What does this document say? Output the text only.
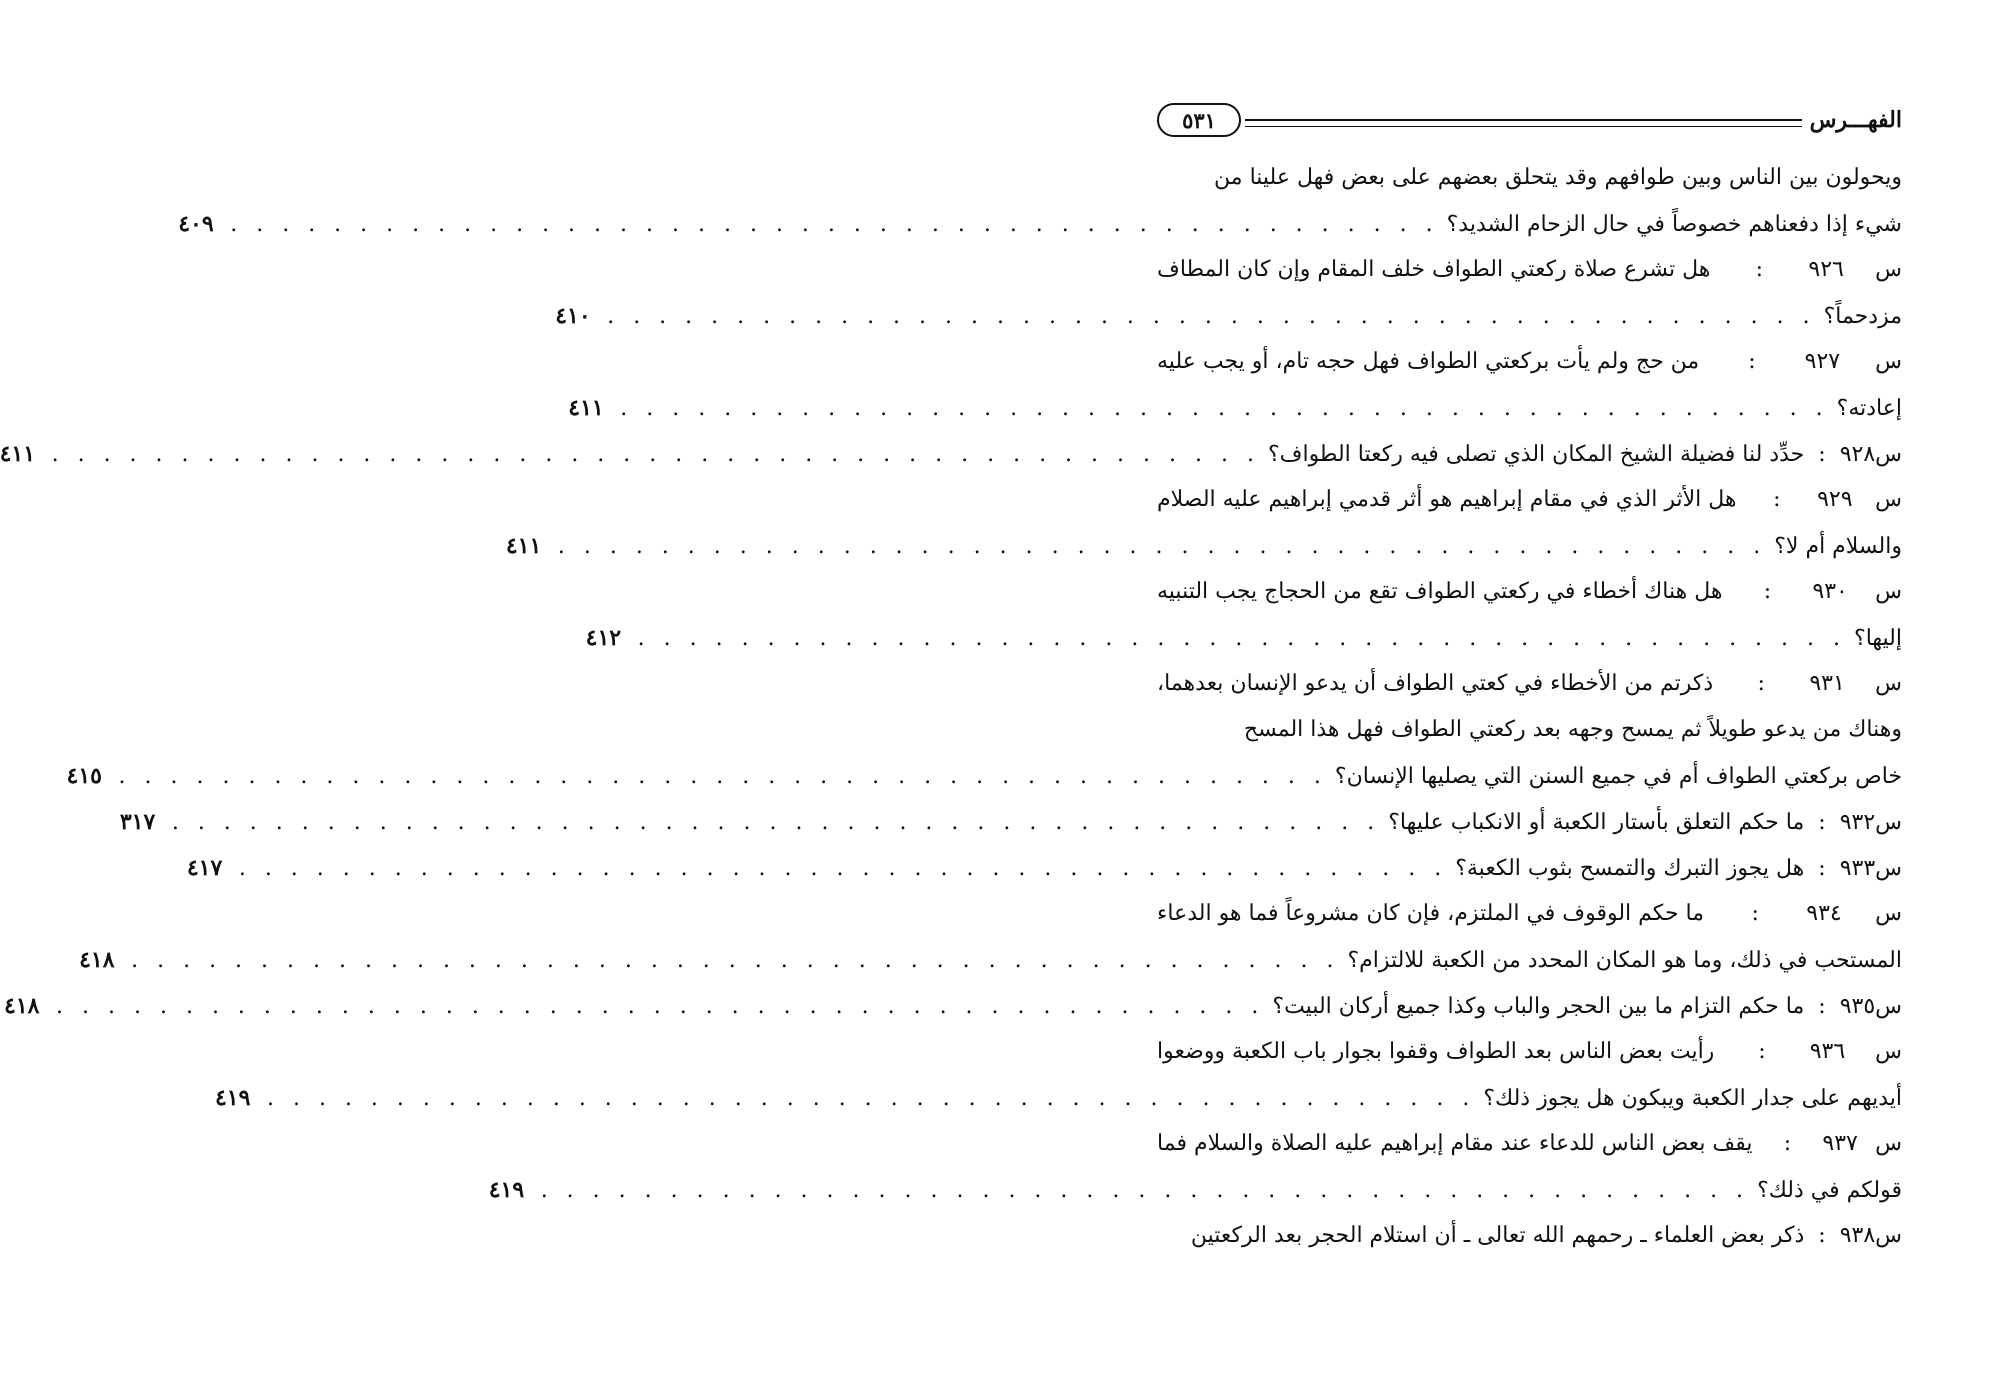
الفهـــرس
٥٣١
ويحولون بين الناس وبين طوافهم وقد يتحلق بعضهم على بعض فهل علينا من
شيء إذا دفعناهم خصوصاً في حال الزحام الشديد؟
. . . . . . . . . . . . . . . . . . . . . . . . . . . . . . . . . . . . . . . . . . . . . . .
٤٠٩
س
٩٢٦
:
هل تشرع صلاة ركعتي الطواف خلف المقام وإن كان المطاف
مزدحماً؟
. . . . . . . . . . . . . . . . . . . . . . . . . . . . . . . . . . . . . . . . . . . . . . .
٤١٠
س
٩٢٧
:
من حج ولم يأت بركعتي الطواف فهل حجه تام، أو يجب عليه
إعادته؟
. . . . . . . . . . . . . . . . . . . . . . . . . . . . . . . . . . . . . . . . . . . . . . .
٤١١
س
٩٢٨
:
حدِّد لنا فضيلة الشيخ المكان الذي تصلى فيه ركعتا الطواف؟
. . . . . . . . . . . . . . . . . . . . . . . . . . . . . . . . . . . . . . . . . . . . . . .
٤١١
س
٩٢٩
:
هل الأثر الذي في مقام إبراهيم هو أثر قدمي إبراهيم عليه الصلام
والسلام أم لا؟
. . . . . . . . . . . . . . . . . . . . . . . . . . . . . . . . . . . . . . . . . . . . . . .
٤١١
س
٩٣٠
:
هل هناك أخطاء في ركعتي الطواف تقع من الحجاج يجب التنبيه
إليها؟
. . . . . . . . . . . . . . . . . . . . . . . . . . . . . . . . . . . . . . . . . . . . . . .
٤١٢
س
٩٣١
:
ذكرتم من الأخطاء في كعتي الطواف أن يدعو الإنسان بعدهما،
وهناك من يدعو طويلاً ثم يمسح وجهه بعد ركعتي الطواف فهل هذا المسح
خاص بركعتي الطواف أم في جميع السنن التي يصليها الإنسان؟
. . . . . . . . . . . . . . . . . . . . . . . . . . . . . . . . . . . . . . . . . . . . . . .
٤١٥
س
٩٣٢
:
ما حكم التعلق بأستار الكعبة أو الانكباب عليها؟
. . . . . . . . . . . . . . . . . . . . . . . . . . . . . . . . . . . . . . . . . . . . . . .
٣١٧
س
٩٣٣
:
هل يجوز التبرك والتمسح بثوب الكعبة؟
. . . . . . . . . . . . . . . . . . . . . . . . . . . . . . . . . . . . . . . . . . . . . . .
٤١٧
س
٩٣٤
:
ما حكم الوقوف في الملتزم، فإن كان مشروعاً فما هو الدعاء
المستحب في ذلك، وما هو المكان المحدد من الكعبة للالتزام؟
. . . . . . . . . . . . . . . . . . . . . . . . . . . . . . . . . . . . . . . . . . . . . . .
٤١٨
س
٩٣٥
:
ما حكم التزام ما بين الحجر والباب وكذا جميع أركان البيت؟
. . . . . . . . . . . . . . . . . . . . . . . . . . . . . . . . . . . . . . . . . . . . . . .
٤١٨
س
٩٣٦
:
رأيت بعض الناس بعد الطواف وقفوا بجوار باب الكعبة ووضعوا
أيديهم على جدار الكعبة ويبكون هل يجوز ذلك؟
. . . . . . . . . . . . . . . . . . . . . . . . . . . . . . . . . . . . . . . . . . . . . . .
٤١٩
س
٩٣٧
:
يقف بعض الناس للدعاء عند مقام إبراهيم عليه الصلاة والسلام فما
قولكم في ذلك؟
. . . . . . . . . . . . . . . . . . . . . . . . . . . . . . . . . . . . . . . . . . . . . . .
٤١٩
س
٩٣٨
:
ذكر بعض العلماء ـ رحمهم الله تعالى ـ أن استلام الحجر بعد الركعتين
